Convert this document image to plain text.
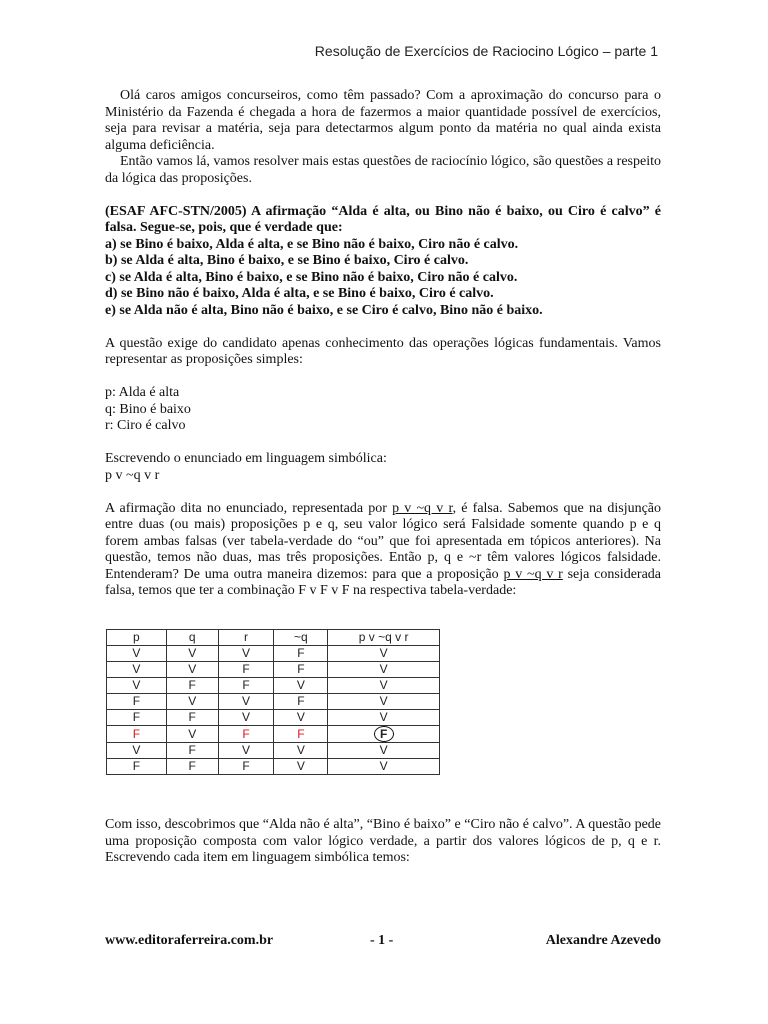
Resolução de Exercícios de Raciocino Lógico – parte 1

Olá caros amigos concurseiros, como têm passado? Com a aproximação do concurso para o Ministério da Fazenda é chegada a hora de fazermos a maior quantidade possível de exercícios, seja para revisar a matéria, seja para detectarmos algum ponto da matéria no qual ainda exista alguma deficiência.

Então vamos lá, vamos resolver mais estas questões de raciocínio lógico, são questões a respeito da lógica das proposições.

(ESAF AFC-STN/2005) A afirmação “Alda é alta, ou Bino não é baixo, ou Ciro é calvo” é falsa. Segue-se, pois, que é verdade que:

a) se Bino é baixo, Alda é alta, e se Bino não é baixo, Ciro não é calvo.

b) se Alda é alta, Bino é baixo, e se Bino é baixo, Ciro é calvo.

c) se Alda é alta, Bino é baixo, e se Bino não é baixo, Ciro não é calvo.

d) se Bino não é baixo, Alda é alta, e se Bino é baixo, Ciro é calvo.

e) se Alda não é alta, Bino não é baixo, e se Ciro é calvo, Bino não é baixo.

A questão exige do candidato apenas conhecimento das operações lógicas fundamentais. Vamos representar as proposições simples:

p: Alda é alta

q: Bino é baixo

r: Ciro é calvo

Escrevendo o enunciado em linguagem simbólica:

p v ~q v r

A afirmação dita no enunciado, representada por p v ~q v r, é falsa. Sabemos que na disjunção entre duas (ou mais) proposições p e q, seu valor lógico será Falsidade somente quando p e q forem ambas falsas (ver tabela-verdade do “ou” que foi apresentada em tópicos anteriores). Na questão, temos não duas, mas três proposições. Então p, q e ~r têm valores lógicos falsidade. Entenderam? De uma outra maneira dizemos: para que a proposição p v ~q v r seja considerada falsa, temos que ter a combinação F v F v F na respectiva tabela-verdade:

p	q	r	~q	p v ~q v r
V	V	V	F	V
V	V	F	F	V
V	F	F	V	V
F	V	V	F	V
F	F	V	V	V
F	V	F	F	F
V	F	V	V	V
F	F	F	V	V

Com isso, descobrimos que “Alda não é alta”, “Bino é baixo” e “Ciro não é calvo”. A questão pede uma proposição composta com valor lógico verdade, a partir dos valores lógicos de p, q e r. Escrevendo cada item em linguagem simbólica temos:

www.editoraferreira.com.br	- 1 -	Alexandre Azevedo
